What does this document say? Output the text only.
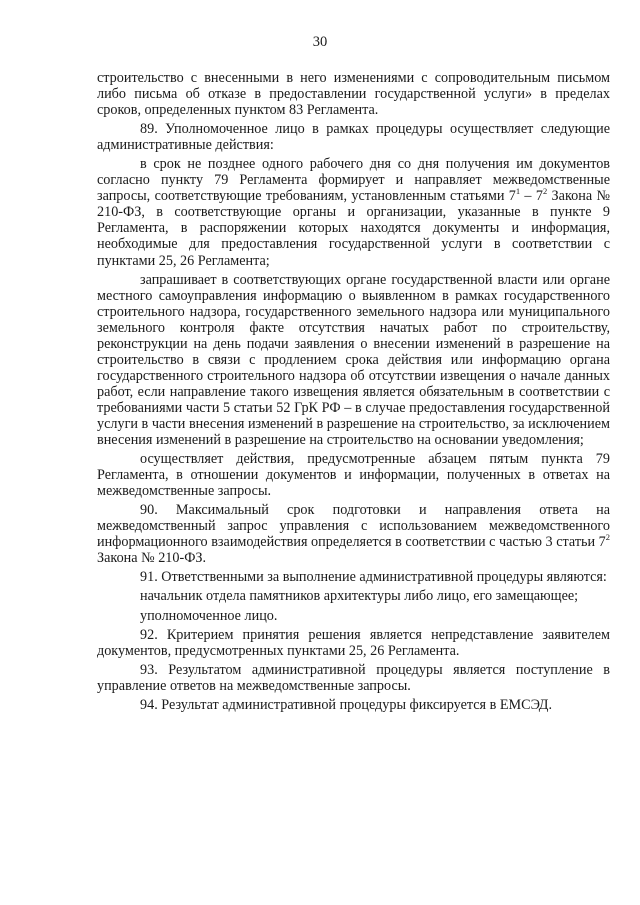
30

строительство с внесенными в него изменениями с сопроводительным письмом либо письма об отказе в предоставлении государственной услуги» в пределах сроков, определенных пунктом 83 Регламента.

89. Уполномоченное лицо в рамках процедуры осуществляет следующие административные действия:

в срок не позднее одного рабочего дня со дня получения им документов согласно пункту 79 Регламента формирует и направляет межведомственные запросы, соответствующие требованиям, установленным статьями $7^1 - 7^2$ Закона № 210-ФЗ, в соответствующие органы и организации, указанные в пункте 9 Регламента, в распоряжении которых находятся документы и информация, необходимые для предоставления государственной услуги в соответствии с пунктами 25, 26 Регламента;

запрашивает в соответствующих органе государственной власти или органе местного самоуправления информацию о выявленном в рамках государственного строительного надзора, государственного земельного надзора или муниципального земельного контроля факте отсутствия начатых работ по строительству, реконструкции на день подачи заявления о внесении изменений в разрешение на строительство в связи с продлением срока действия или информацию органа государственного строительного надзора об отсутствии извещения о начале данных работ, если направление такого извещения является обязательным в соответствии с требованиями части 5 статьи 52 ГрК РФ – в случае предоставления государственной услуги в части внесения изменений в разрешение на строительство, за исключением внесения изменений в разрешение на строительство на основании уведомления;

осуществляет действия, предусмотренные абзацем пятым пункта 79 Регламента, в отношении документов и информации, полученных в ответах на межведомственные запросы.

90. Максимальный срок подготовки и направления ответа на межведомственный запрос управления с использованием межведомственного информационного взаимодействия определяется в соответствии с частью 3 статьи $7^2$ Закона № 210-ФЗ.

91. Ответственными за выполнение административной процедуры являются:

начальник отдела памятников архитектуры либо лицо, его замещающее;

уполномоченное лицо.

92. Критерием принятия решения является непредставление заявителем документов, предусмотренных пунктами 25, 26 Регламента.

93. Результатом административной процедуры является поступление в управление ответов на межведомственные запросы.

94. Результат административной процедуры фиксируется в ЕМСЭД.
